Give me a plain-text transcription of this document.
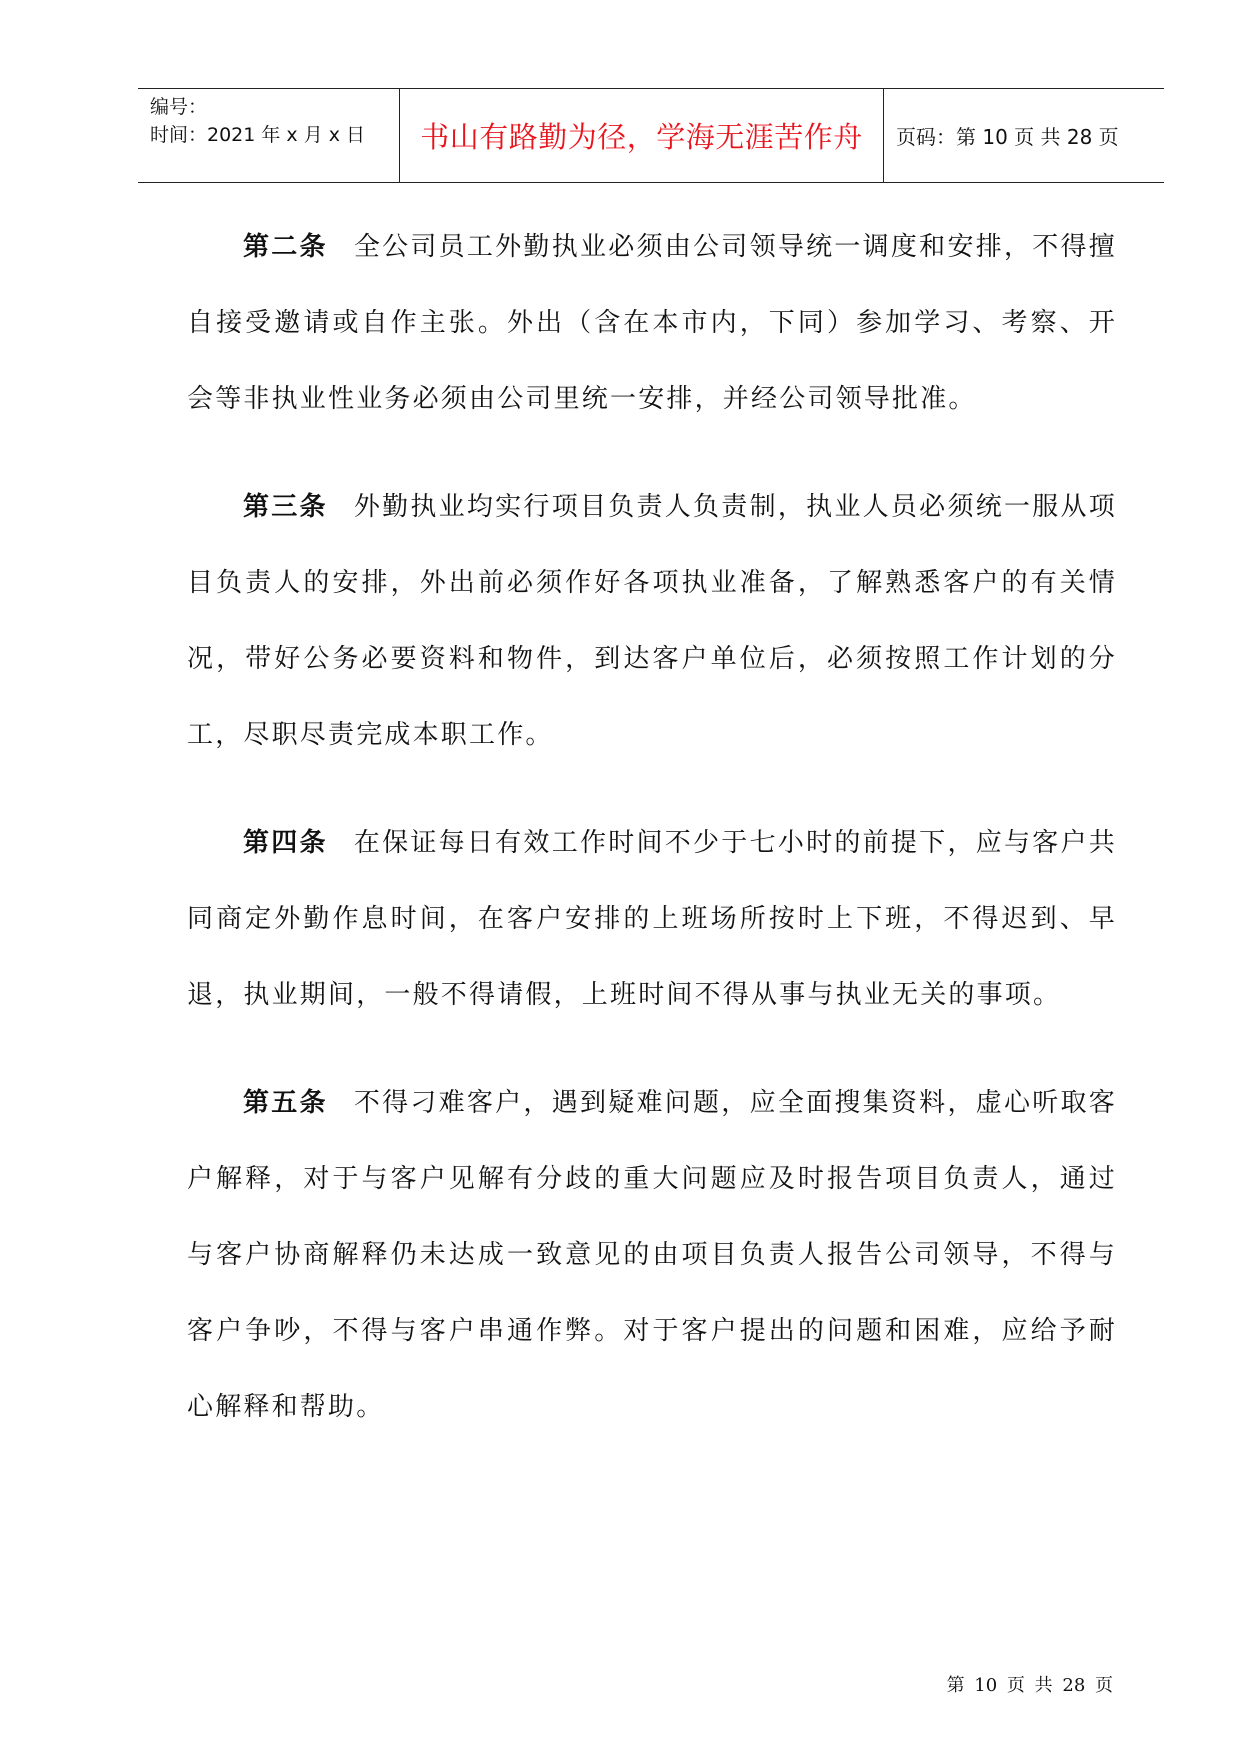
编号：
时间：2021 年 x 月 x 日	书山有路勤为径，学海无涯苦作舟	页码：第 10 页 共 28 页

第二条 全公司员工外勤执业必须由公司领导统一调度和安排，不得擅自接受邀请或自作主张。外出（含在本市内，下同）参加学习、考察、开会等非执业性业务必须由公司里统一安排，并经公司领导批准。

第三条 外勤执业均实行项目负责人负责制，执业人员必须统一服从项目负责人的安排，外出前必须作好各项执业准备，了解熟悉客户的有关情况，带好公务必要资料和物件，到达客户单位后，必须按照工作计划的分工，尽职尽责完成本职工作。

第四条 在保证每日有效工作时间不少于七小时的前提下，应与客户共同商定外勤作息时间，在客户安排的上班场所按时上下班，不得迟到、早退，执业期间，一般不得请假，上班时间不得从事与执业无关的事项。

第五条 不得刁难客户，遇到疑难问题，应全面搜集资料，虚心听取客户解释，对于与客户见解有分歧的重大问题应及时报告项目负责人，通过与客户协商解释仍未达成一致意见的由项目负责人报告公司领导，不得与客户争吵，不得与客户串通作弊。对于客户提出的问题和困难，应给予耐心解释和帮助。

第 10 页 共 28 页
